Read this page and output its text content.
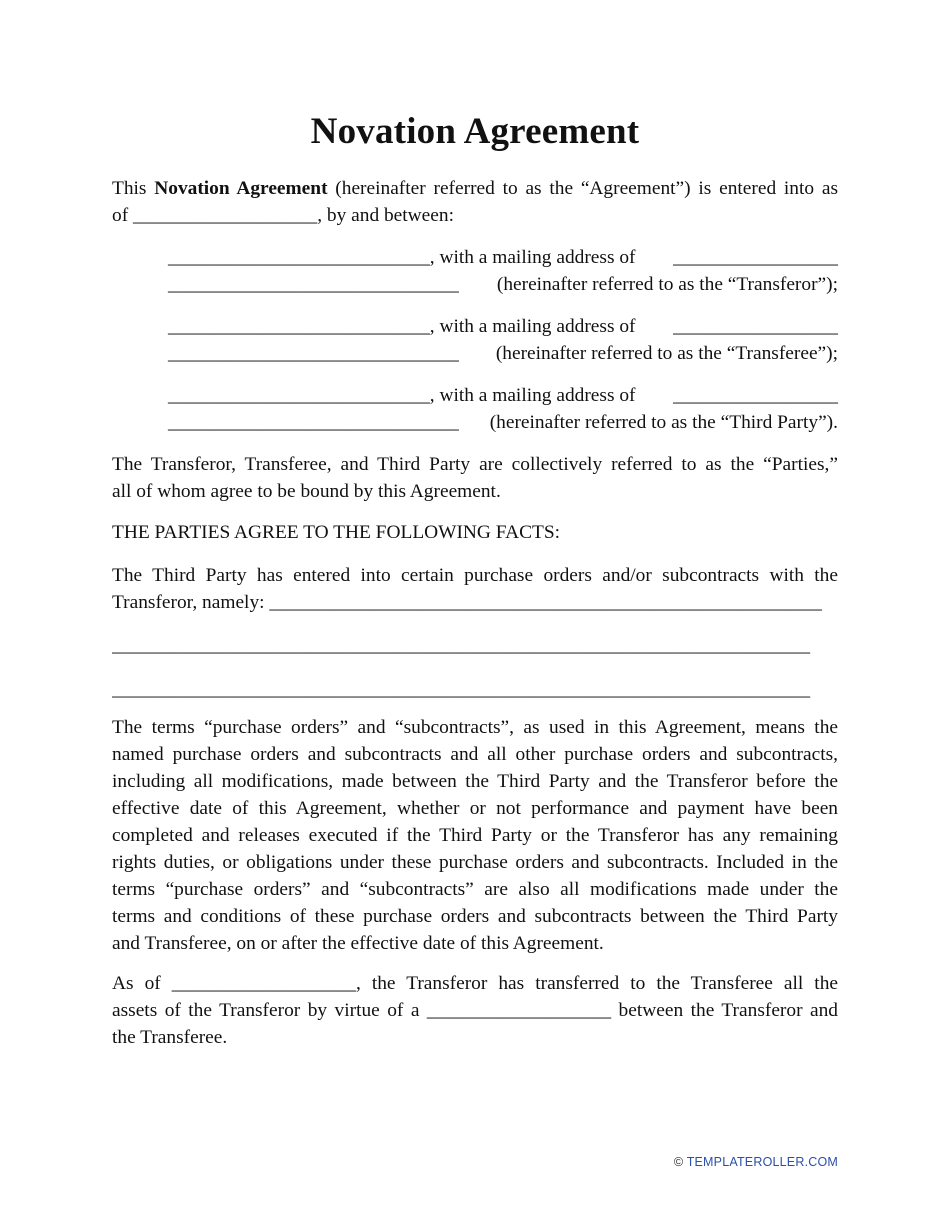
Novation Agreement
This Novation Agreement (hereinafter referred to as the “Agreement”) is entered into as
of ___________________, by and between:
___________________________, with a mailing address of _________________
______________________________ (hereinafter referred to as the “Transferor”);
___________________________, with a mailing address of _________________
______________________________ (hereinafter referred to as the “Transferee”);
___________________________, with a mailing address of _________________
______________________________ (hereinafter referred to as the “Third Party”).
The Transferor, Transferee, and Third Party are collectively referred to as the “Parties,”
all of whom agree to be bound by this Agreement.
THE PARTIES AGREE TO THE FOLLOWING FACTS:
The Third Party has entered into certain purchase orders and/or subcontracts with the
Transferor, namely: _________________________________________________________
________________________________________________________________________
________________________________________________________________________
The terms “purchase orders” and “subcontracts”, as used in this Agreement, means the
named purchase orders and subcontracts and all other purchase orders and subcontracts,
including all modifications, made between the Third Party and the Transferor before the
effective date of this Agreement, whether or not performance and payment have been
completed and releases executed if the Third Party or the Transferor has any remaining
rights duties, or obligations under these purchase orders and subcontracts. Included in the
terms “purchase orders” and “subcontracts” are also all modifications made under the
terms and conditions of these purchase orders and subcontracts between the Third Party
and Transferee, on or after the effective date of this Agreement.
As of ___________________, the Transferor has transferred to the Transferee all the
assets of the Transferor by virtue of a ___________________ between the Transferor and
the Transferee.
© TEMPLATEROLLER.COM
